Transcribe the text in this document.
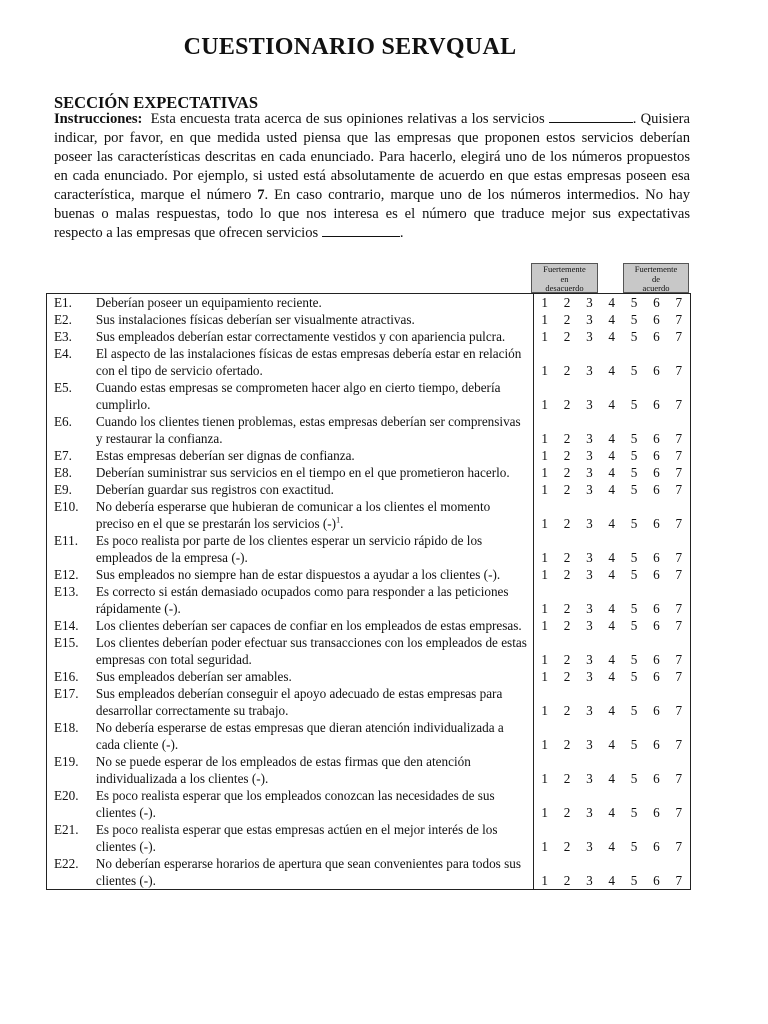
CUESTIONARIO SERVQUAL
SECCIÓN EXPECTATIVAS
Instrucciones: Esta encuesta trata acerca de sus opiniones relativas a los servicios	. Quisiera indicar, por favor, en que medida usted piensa que las empresas que proponen estos servicios deberían poseer las características descritas en cada enunciado. Para hacerlo, elegirá uno de los números propuestos en cada enunciado. Por ejemplo, si usted está absolutamente de acuerdo en que estas empresas poseen esa característica, marque el número 7. En caso contrario, marque uno de los números intermedios. No hay buenas o malas respuestas, todo lo que nos interesa es el número que traduce mejor sus expectativas respecto a las empresas que ofrecen servicios	.
Fuertemente
en
desacuerdo
Fuertemente
de
acuerdo
E1.	Deberían poseer un equipamiento reciente.	1	2	3	4	5	6	7
E2.	Sus instalaciones físicas deberían ser visualmente atractivas.	1	2	3	4	5	6	7
E3.	Sus empleados deberían estar correctamente vestidos y con apariencia pulcra.	1	2	3	4	5	6	7
E4.	El aspecto de las instalaciones físicas de estas empresas debería estar en relación con el tipo de servicio ofertado.	1	2	3	4	5	6	7
E5.	Cuando estas empresas se comprometen hacer algo en cierto tiempo, debería cumplirlo.	1	2	3	4	5	6	7
E6.	Cuando los clientes tienen problemas, estas empresas deberían ser comprensivas y restaurar la confianza.	1	2	3	4	5	6	7
E7.	Estas empresas deberían ser dignas de confianza.	1	2	3	4	5	6	7
E8.	Deberían suministrar sus servicios en el tiempo en el que prometieron hacerlo.	1	2	3	4	5	6	7
E9.	Deberían guardar sus registros con exactitud.	1	2	3	4	5	6	7
E10.	No debería esperarse que hubieran de comunicar a los clientes el momento preciso en el que se prestarán los servicios $(-)^1$.	1	2	3	4	5	6	7
E11.	Es poco realista por parte de los clientes esperar un servicio rápido de los empleados de la empresa (-).	1	2	3	4	5	6	7
E12.	Sus empleados no siempre han de estar dispuestos a ayudar a los clientes (-).	1	2	3	4	5	6	7
E13.	Es correcto si están demasiado ocupados como para responder a las peticiones rápidamente (-).	1	2	3	4	5	6	7
E14.	Los clientes deberían ser capaces de confiar en los empleados de estas empresas.	1	2	3	4	5	6	7
E15.	Los clientes deberían poder efectuar sus transacciones con los empleados de estas empresas con total seguridad.	1	2	3	4	5	6	7
E16.	Sus empleados deberían ser amables.	1	2	3	4	5	6	7
E17.	Sus empleados deberían conseguir el apoyo adecuado de estas empresas para desarrollar correctamente su trabajo.	1	2	3	4	5	6	7
E18.	No debería esperarse de estas empresas que dieran atención individualizada a cada cliente (-).	1	2	3	4	5	6	7
E19.	No se puede esperar de los empleados de estas firmas que den atención individualizada a los clientes (-).	1	2	3	4	5	6	7
E20.	Es poco realista esperar que los empleados conozcan las necesidades de sus clientes (-).	1	2	3	4	5	6	7
E21.	Es poco realista esperar que estas empresas actúen en el mejor interés de los clientes (-).	1	2	3	4	5	6	7
E22.	No deberían esperarse horarios de apertura que sean convenientes para todos sus clientes (-).	1	2	3	4	5	6	7
